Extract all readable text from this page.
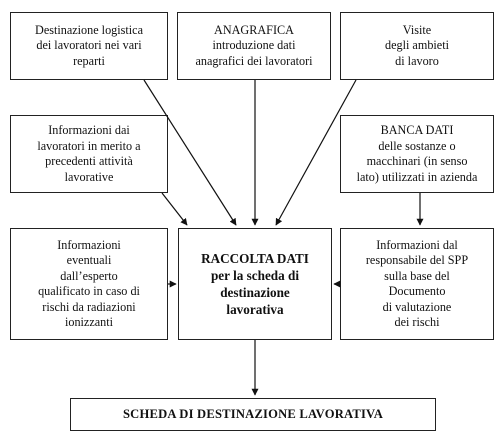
Destinazione logistica
dei lavoratori nei vari
reparti
ANAGRAFICA
introduzione dati
anagrafici dei lavoratori
Visite
degli ambieti
di lavoro
Informazioni dai
lavoratori in merito a
precedenti attività
lavorative
BANCA DATI
delle sostanze o
macchinari (in senso
lato) utilizzati in azienda
Informazioni
eventuali
dall’esperto
qualificato in caso di
rischi da radiazioni
ionizzanti
RACCOLTA DATI
per la scheda di
destinazione
lavorativa
Informazioni dal
responsabile del SPP
sulla base del
Documento
di valutazione
dei rischi
SCHEDA DI DESTINAZIONE LAVORATIVA
